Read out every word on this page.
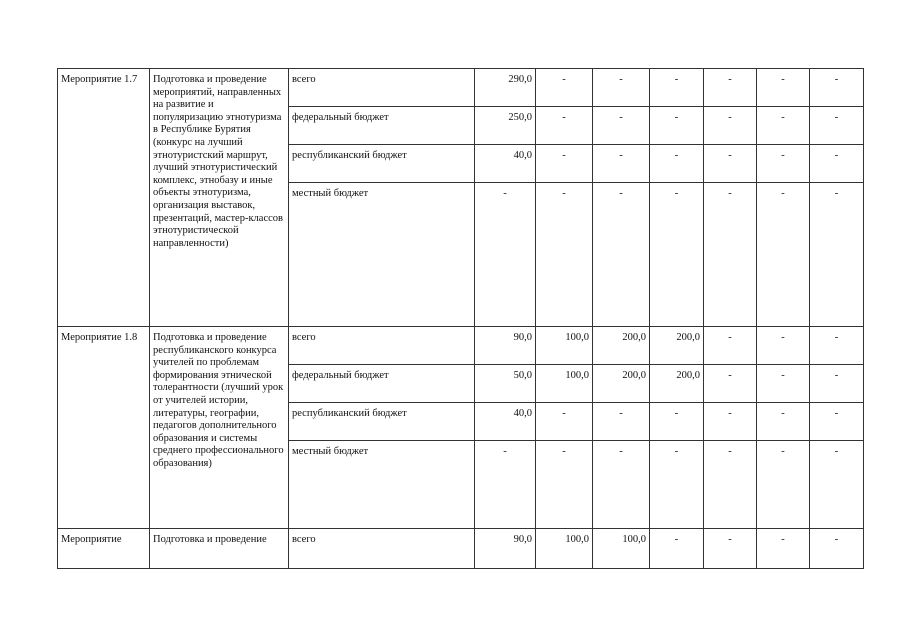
Мероприятие 1.7	Подготовка и проведение мероприятий, направленных на развитие и популяризацию этнотуризма в Республике Бурятия (конкурс на лучший этнотуристский маршрут, лучший этнотуристический комплекс, этнобазу и иные объекты этнотуризма, организация выставок, презентаций, мастер-классов этнотуристической направленности)	всего	290,0	-	-	-	-	-	-
		федеральный бюджет	250,0	-	-	-	-	-	-
		республиканский бюджет	40,0	-	-	-	-	-	-
		местный бюджет	-	-	-	-	-	-	-
Мероприятие 1.8	Подготовка и проведение республиканского конкурса учителей по проблемам формирования этнической толерантности (лучший урок от учителей истории, литературы, географии, педагогов дополнительного образования и системы среднего профессионального образования)	всего	90,0	100,0	200,0	200,0	-	-	-
		федеральный бюджет	50,0	100,0	200,0	200,0	-	-	-
		республиканский бюджет	40,0	-	-	-	-	-	-
		местный бюджет	-	-	-	-	-	-	-
Мероприятие	Подготовка и проведение	всего	90,0	100,0	100,0	-	-	-	-
